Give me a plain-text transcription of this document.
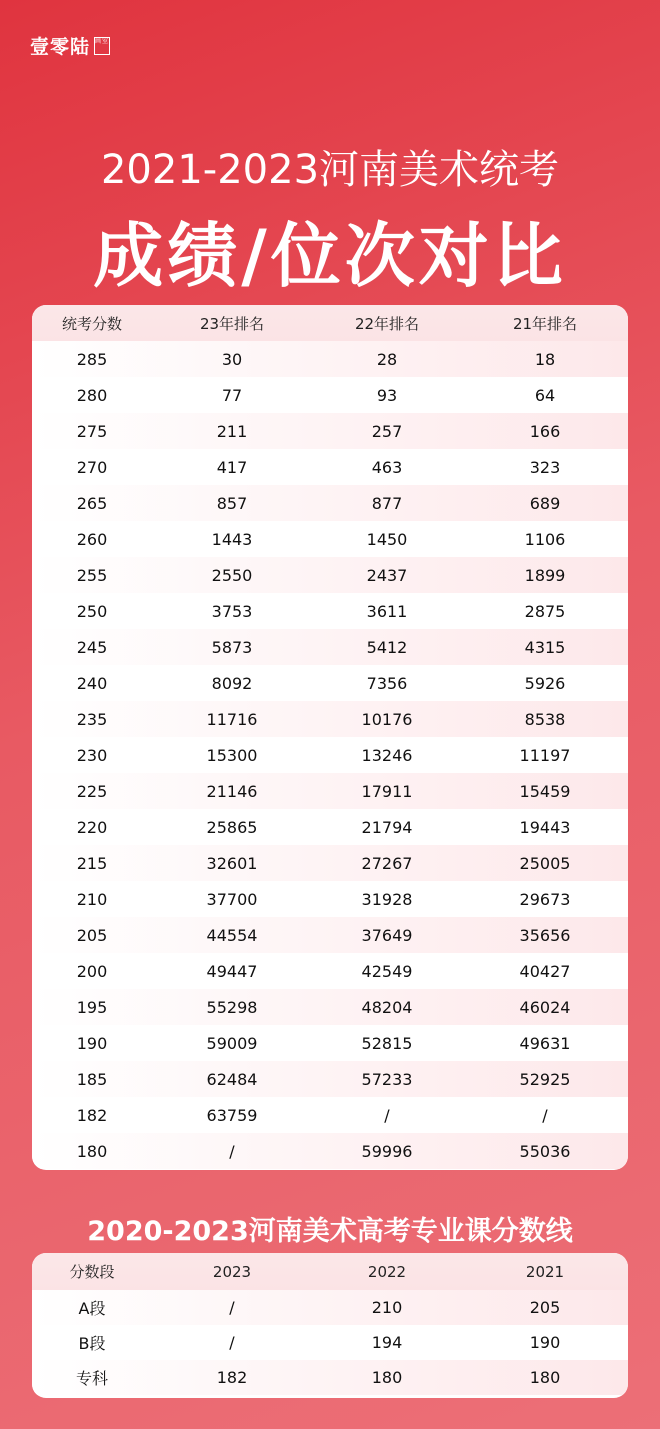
壹零陆 画室
2021-2023河南美术统考
成绩/位次对比
统考分数	23年排名	22年排名	21年排名
285	30	28	18
280	77	93	64
275	211	257	166
270	417	463	323
265	857	877	689
260	1443	1450	1106
255	2550	2437	1899
250	3753	3611	2875
245	5873	5412	4315
240	8092	7356	5926
235	11716	10176	8538
230	15300	13246	11197
225	21146	17911	15459
220	25865	21794	19443
215	32601	27267	25005
210	37700	31928	29673
205	44554	37649	35656
200	49447	42549	40427
195	55298	48204	46024
190	59009	52815	49631
185	62484	57233	52925
182	63759	/	/
180	/	59996	55036
2020-2023河南美术高考专业课分数线
分数段	2023	2022	2021
A段	/	210	205
B段	/	194	190
专科	182	180	180
